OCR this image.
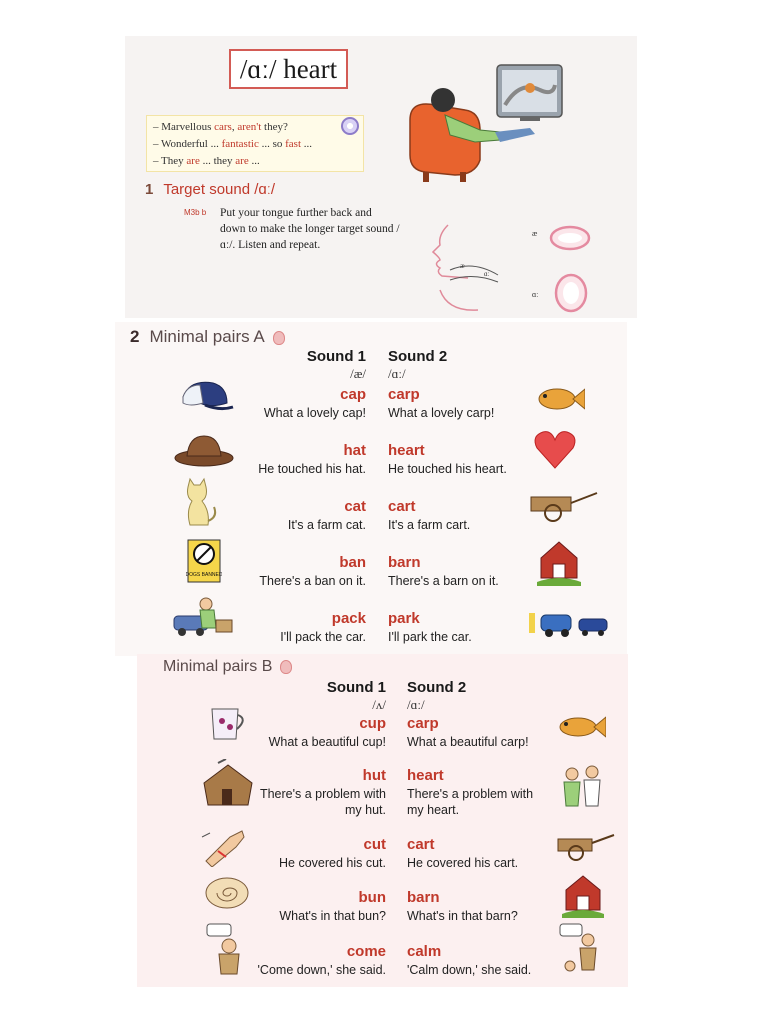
/ɑː/ heart
– Marvellous cars, aren't they?
– Wonderful ... fantastic ... so fast ...
– They are ... they are ...
1 Target sound /ɑː/
M3b b Put your tongue further back and down to make the longer target sound /ɑː/. Listen and repeat.
æ
ɑː
æ
ɑː
2 Minimal pairs A
Sound 1 Sound 2
/æ/ /ɑː/
cap carp
What a lovely cap! What a lovely carp!
hat heart
He touched his hat. He touched his heart.
cat cart
It's a farm cat. It's a farm cart.
ban barn
There's a ban on it. There's a barn on it.
pack park
I'll pack the car. I'll park the car.
DOGS BANNED
Minimal pairs B
Sound 1 Sound 2
/ʌ/ /ɑː/
cup carp
What a beautiful cup! What a beautiful carp!
hut heart
There's a problem with
my hut.
There's a problem with
my heart.
cut cart
He covered his cut. He covered his cart.
bun barn
What's in that bun? What's in that barn?
come calm
'Come down,' she said. 'Calm down,' she said.
